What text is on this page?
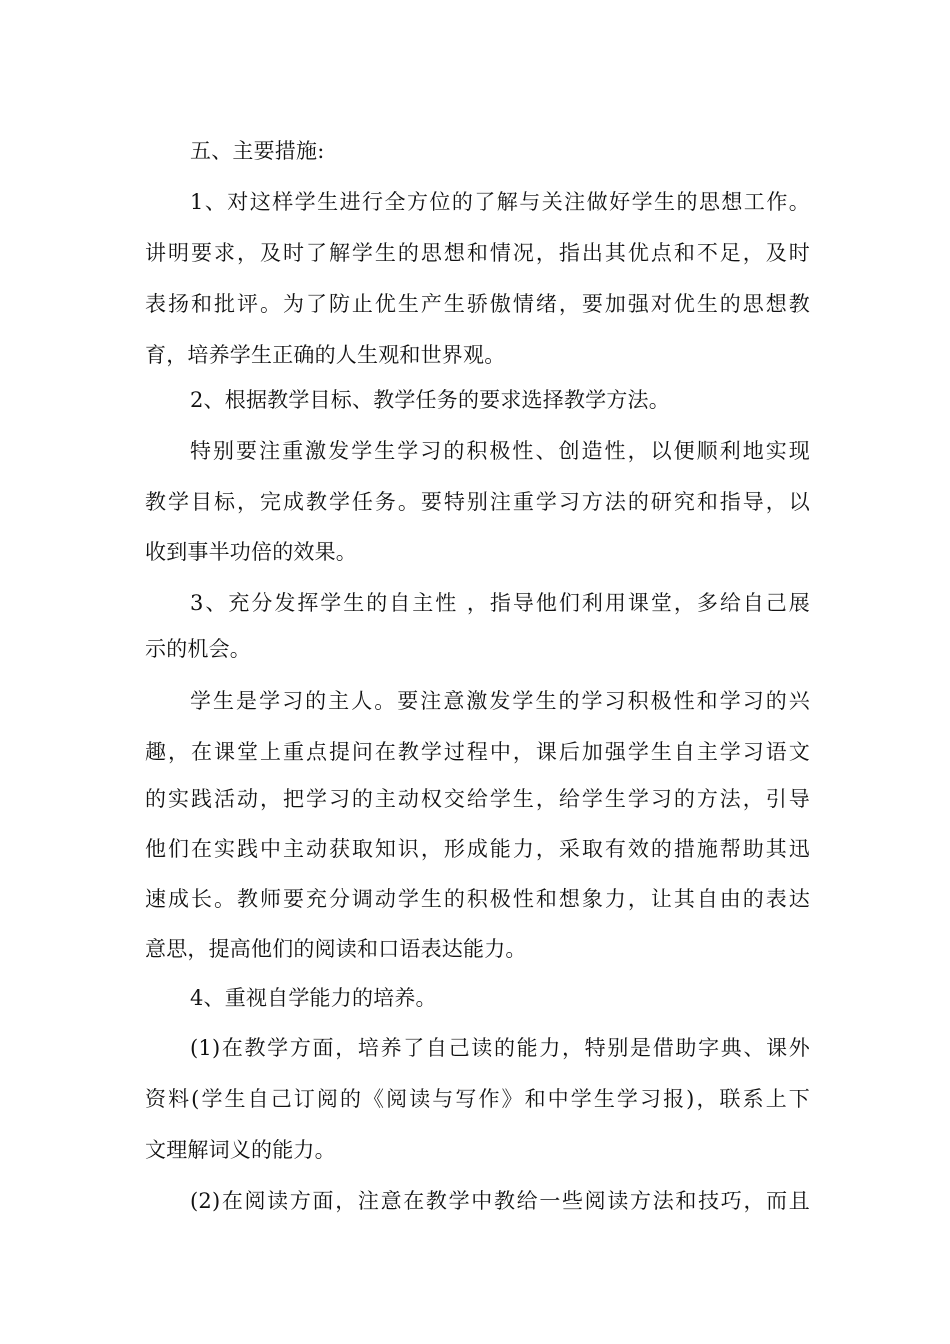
五、主要措施:
1、对这样学生进行全方位的了解与关注做好学生的思想工作。
讲明要求，及时了解学生的思想和情况，指出其优点和不足，及时
表扬和批评。为了防止优生产生骄傲情绪，要加强对优生的思想教
育，培养学生正确的人生观和世界观。
2、根据教学目标、教学任务的要求选择教学方法。
特别要注重激发学生学习的积极性、创造性，以便顺利地实现
教学目标，完成教学任务。要特别注重学习方法的研究和指导，以
收到事半功倍的效果。
3、充分发挥学生的自主性 ，指导他们利用课堂，多给自己展
示的机会。
学生是学习的主人。要注意激发学生的学习积极性和学习的兴
趣，在课堂上重点提问在教学过程中，课后加强学生自主学习语文
的实践活动，把学习的主动权交给学生，给学生学习的方法，引导
他们在实践中主动获取知识，形成能力，采取有效的措施帮助其迅
速成长。教师要充分调动学生的积极性和想象力，让其自由的表达
意思，提高他们的阅读和口语表达能力。
4、重视自学能力的培养。
(1)在教学方面，培养了自己读的能力，特别是借助字典、课外
资料(学生自己订阅的《阅读与写作》和中学生学习报)，联系上下
文理解词义的能力。
(2)在阅读方面，注意在教学中教给一些阅读方法和技巧，而且
